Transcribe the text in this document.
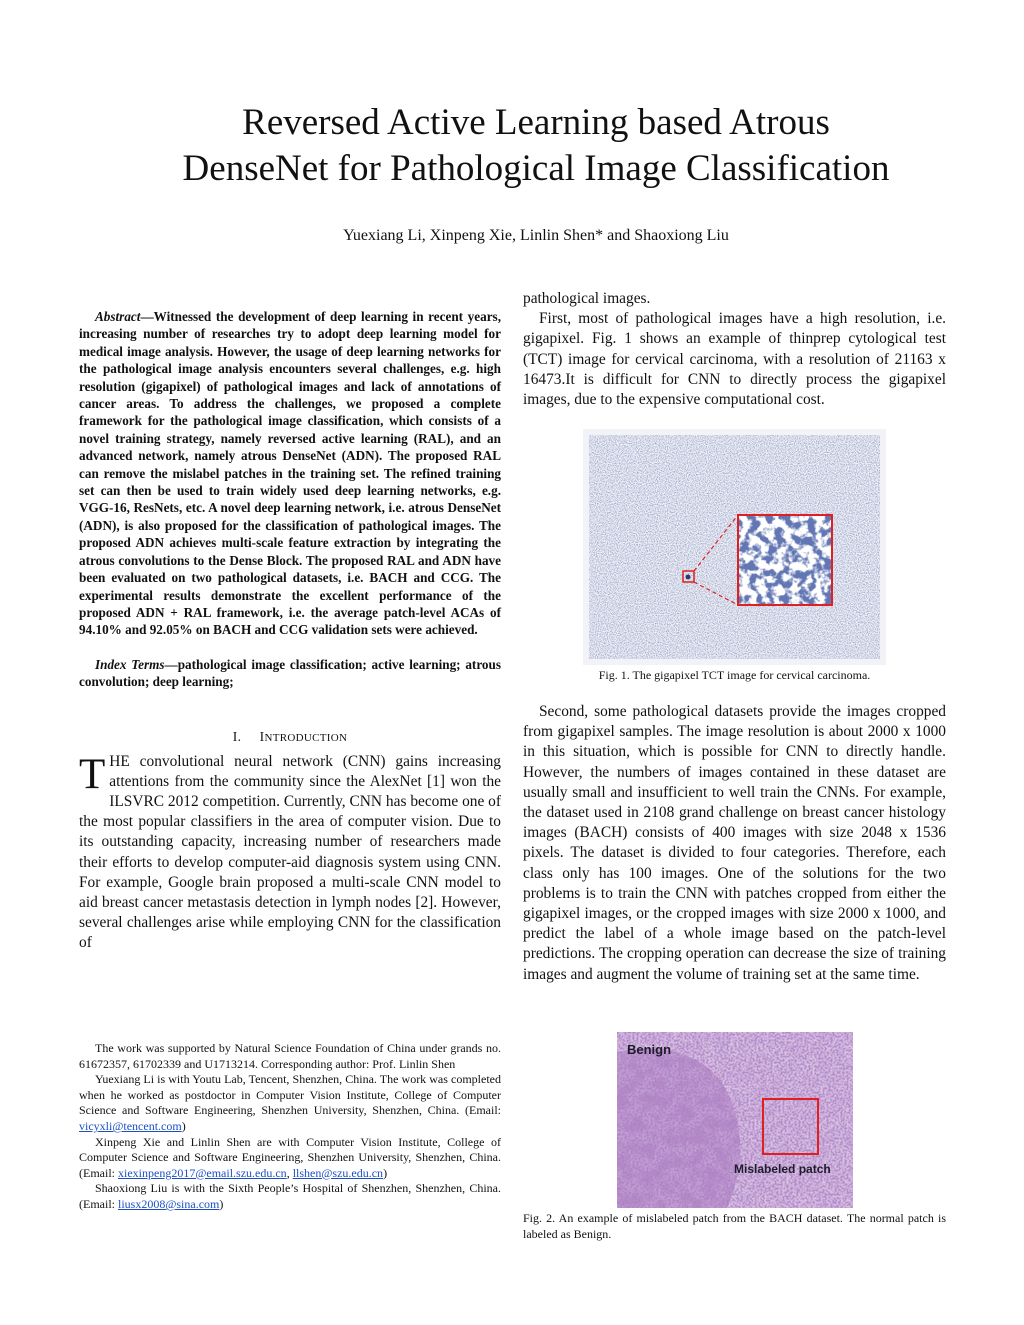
Reversed Active Learning based Atrous
DenseNet for Pathological Image Classification
Yuexiang Li, Xinpeng Xie, Linlin Shen* and Shaoxiong Liu

Abstract—Witnessed the development of deep learning in recent years, increasing number of researches try to adopt deep learning model for medical image analysis. However, the usage of deep learning networks for the pathological image analysis encounters several challenges, e.g. high resolution (gigapixel) of pathological images and lack of annotations of cancer areas. To address the challenges, we proposed a complete framework for the pathological image classification, which consists of a novel training strategy, namely reversed active learning (RAL), and an advanced network, namely atrous DenseNet (ADN). The proposed RAL can remove the mislabel patches in the training set. The refined training set can then be used to train widely used deep learning networks, e.g. VGG-16, ResNets, etc. A novel deep learning network, i.e. atrous DenseNet (ADN), is also proposed for the classification of pathological images. The proposed ADN achieves multi-scale feature extraction by integrating the atrous convolutions to the Dense Block. The proposed RAL and ADN have been evaluated on two pathological datasets, i.e. BACH and CCG. The experimental results demonstrate the excellent performance of the proposed ADN + RAL framework, i.e. the average patch-level ACAs of 94.10% and 92.05% on BACH and CCG validation sets were achieved.

Index Terms—pathological image classification; active learning; atrous convolution; deep learning;

I. INTRODUCTION

THE convolutional neural network (CNN) gains increasing attentions from the community since the AlexNet [1] won the ILSVRC 2012 competition. Currently, CNN has become one of the most popular classifiers in the area of computer vision. Due to its outstanding capacity, increasing number of researchers made their efforts to develop computer-aid diagnosis system using CNN. For example, Google brain proposed a multi-scale CNN model to aid breast cancer metastasis detection in lymph nodes [2]. However, several challenges arise while employing CNN for the classification of

The work was supported by Natural Science Foundation of China under grands no. 61672357, 61702339 and U1713214. Corresponding author: Prof. Linlin Shen

Yuexiang Li is with Youtu Lab, Tencent, Shenzhen, China. The work was completed when he worked as postdoctor in Computer Vision Institute, College of Computer Science and Software Engineering, Shenzhen University, Shenzhen, China. (Email: vicyxli@tencent.com)

Xinpeng Xie and Linlin Shen are with Computer Vision Institute, College of Computer Science and Software Engineering, Shenzhen University, Shenzhen, China. (Email: xiexinpeng2017@email.szu.edu.cn, llshen@szu.edu.cn)

Shaoxiong Liu is with the Sixth People’s Hospital of Shenzhen, Shenzhen, China. (Email: liusx2008@sina.com)

pathological images.

First, most of pathological images have a high resolution, i.e. gigapixel. Fig. 1 shows an example of thinprep cytological test (TCT) image for cervical carcinoma, with a resolution of 21163 x 16473.It is difficult for CNN to directly process the gigapixel images, due to the expensive computational cost.

Fig. 1. The gigapixel TCT image for cervical carcinoma.

Second, some pathological datasets provide the images cropped from gigapixel samples. The image resolution is about 2000 x 1000 in this situation, which is possible for CNN to directly handle. However, the numbers of images contained in these dataset are usually small and insufficient to well train the CNNs. For example, the dataset used in 2108 grand challenge on breast cancer histology images (BACH) consists of 400 images with size 2048 x 1536 pixels. The dataset is divided to four categories. Therefore, each class only has 100 images. One of the solutions for the two problems is to train the CNN with patches cropped from either the gigapixel images, or the cropped images with size 2000 x 1000, and predict the label of a whole image based on the patch-level predictions. The cropping operation can decrease the size of training images and augment the volume of training set at the same time.

Benign
Mislabeled patch
Fig. 2. An example of mislabeled patch from the BACH dataset. The normal patch is labeled as Benign.
